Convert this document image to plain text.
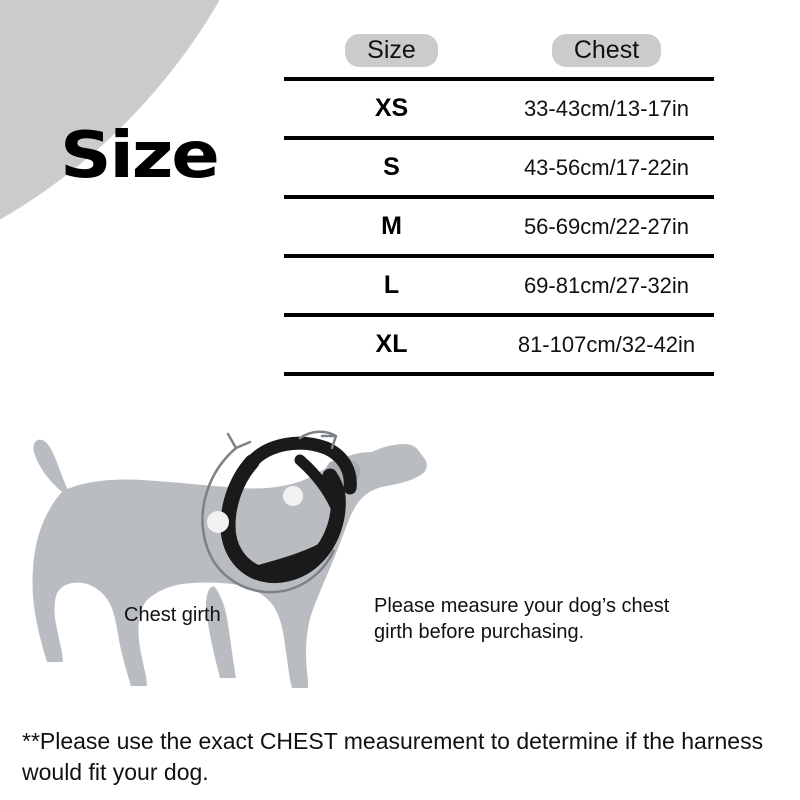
Size
Size	Chest
XS	33-43cm/13-17in
S	43-56cm/17-22in
M	56-69cm/22-27in
L	69-81cm/27-32in
XL	81-107cm/32-42in
Chest girth	Please measure your dog’s chest girth before purchasing.
**Please use the exact CHEST measurement to determine if the harness would fit your dog.
